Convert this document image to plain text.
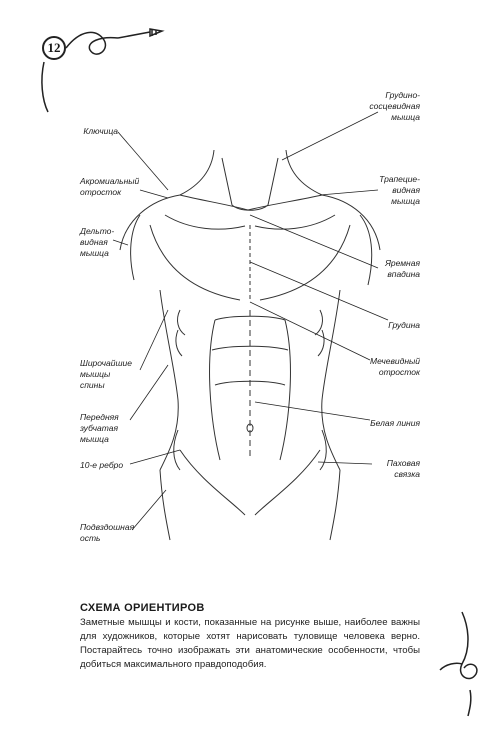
12
Ключица
Акромиальный
отросток
Дельто-
видная
мышца
Широчайшие
мышцы
спины
Передняя
зубчатая
мышца
10-е ребро
Подвздошная
ость
Грудино-
сосцевидная
мышца
Трапецие-
видная
мышца
Яремная
впадина
Грудина
Мечевидный
отросток
Белая линия
Паховая
связка
СХЕМА ОРИЕНТИРОВ
Заметные мышцы и кости, показанные на рисунке выше, наиболее важны для художников, которые хотят нарисовать туловище человека верно. Постарайтесь точно изображать эти анатомические особенности, чтобы добиться максимального правдоподобия.
